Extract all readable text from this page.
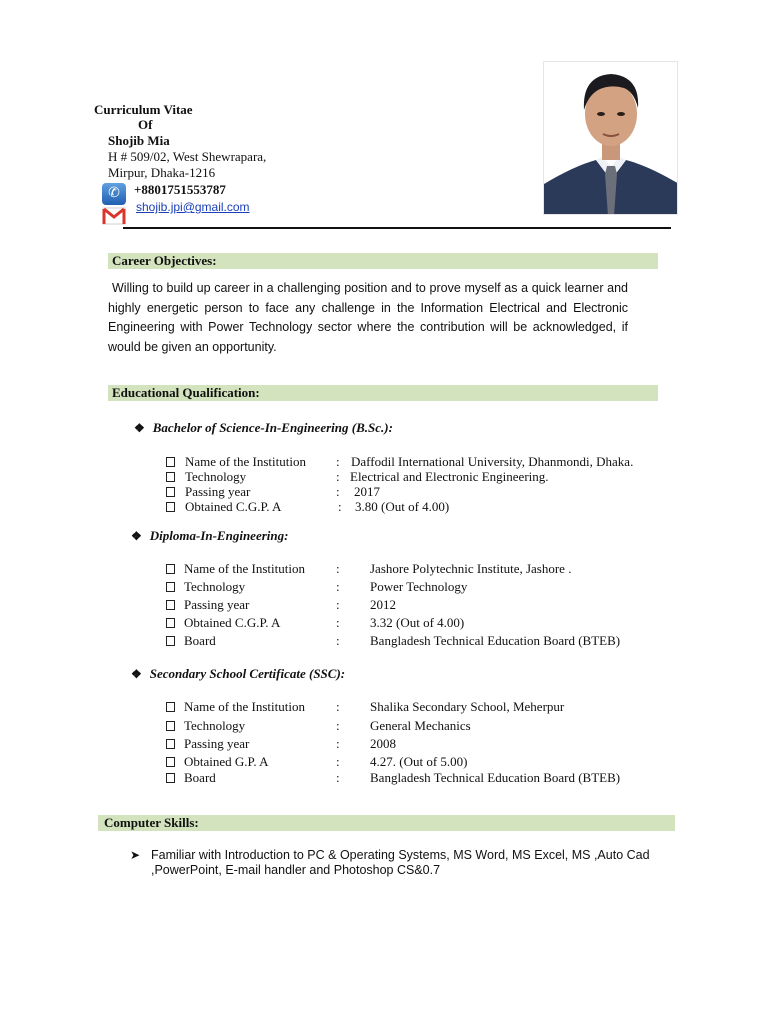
Curriculum Vitae
Of
Shojib Mia
H # 509/02, West Shewrapara,
Mirpur, Dhaka-1216
✆	+8801751553787
shojib.jpi@gmail.com
Career Objectives:
Willing to build up career in a challenging position and to prove myself as a quick learner and highly energetic person to face any challenge in the Information Electrical and Electronic Engineering with Power Technology sector where the contribution will be acknowledged, if would be given an opportunity.
Educational Qualification:
❖ Bachelor of Science-In-Engineering (B.Sc.):
Name of the Institution : Daffodil International University, Dhanmondi, Dhaka.
Technology	: Electrical and Electronic Engineering.
Passing year	: 2017
Obtained C.G.P. A	: 3.80 (Out of 4.00)
❖ Diploma-In-Engineering:
Name of the Institution : Jashore Polytechnic Institute, Jashore .
Technology	: Power Technology
Passing year	: 2012
Obtained C.G.P. A	: 3.32 (Out of 4.00)
Board	: Bangladesh Technical Education Board (BTEB)
❖ Secondary School Certificate (SSC):
Name of the Institution : Shalika Secondary School, Meherpur
Technology	: General Mechanics
Passing year	: 2008
Obtained G.P. A	: 4.27. (Out of 5.00)
Board	: Bangladesh Technical Education Board (BTEB)
Computer Skills:
➤ Familiar with Introduction to PC & Operating Systems, MS Word, MS Excel, MS ,Auto Cad ,PowerPoint, E-mail handler and Photoshop CS&0.7
